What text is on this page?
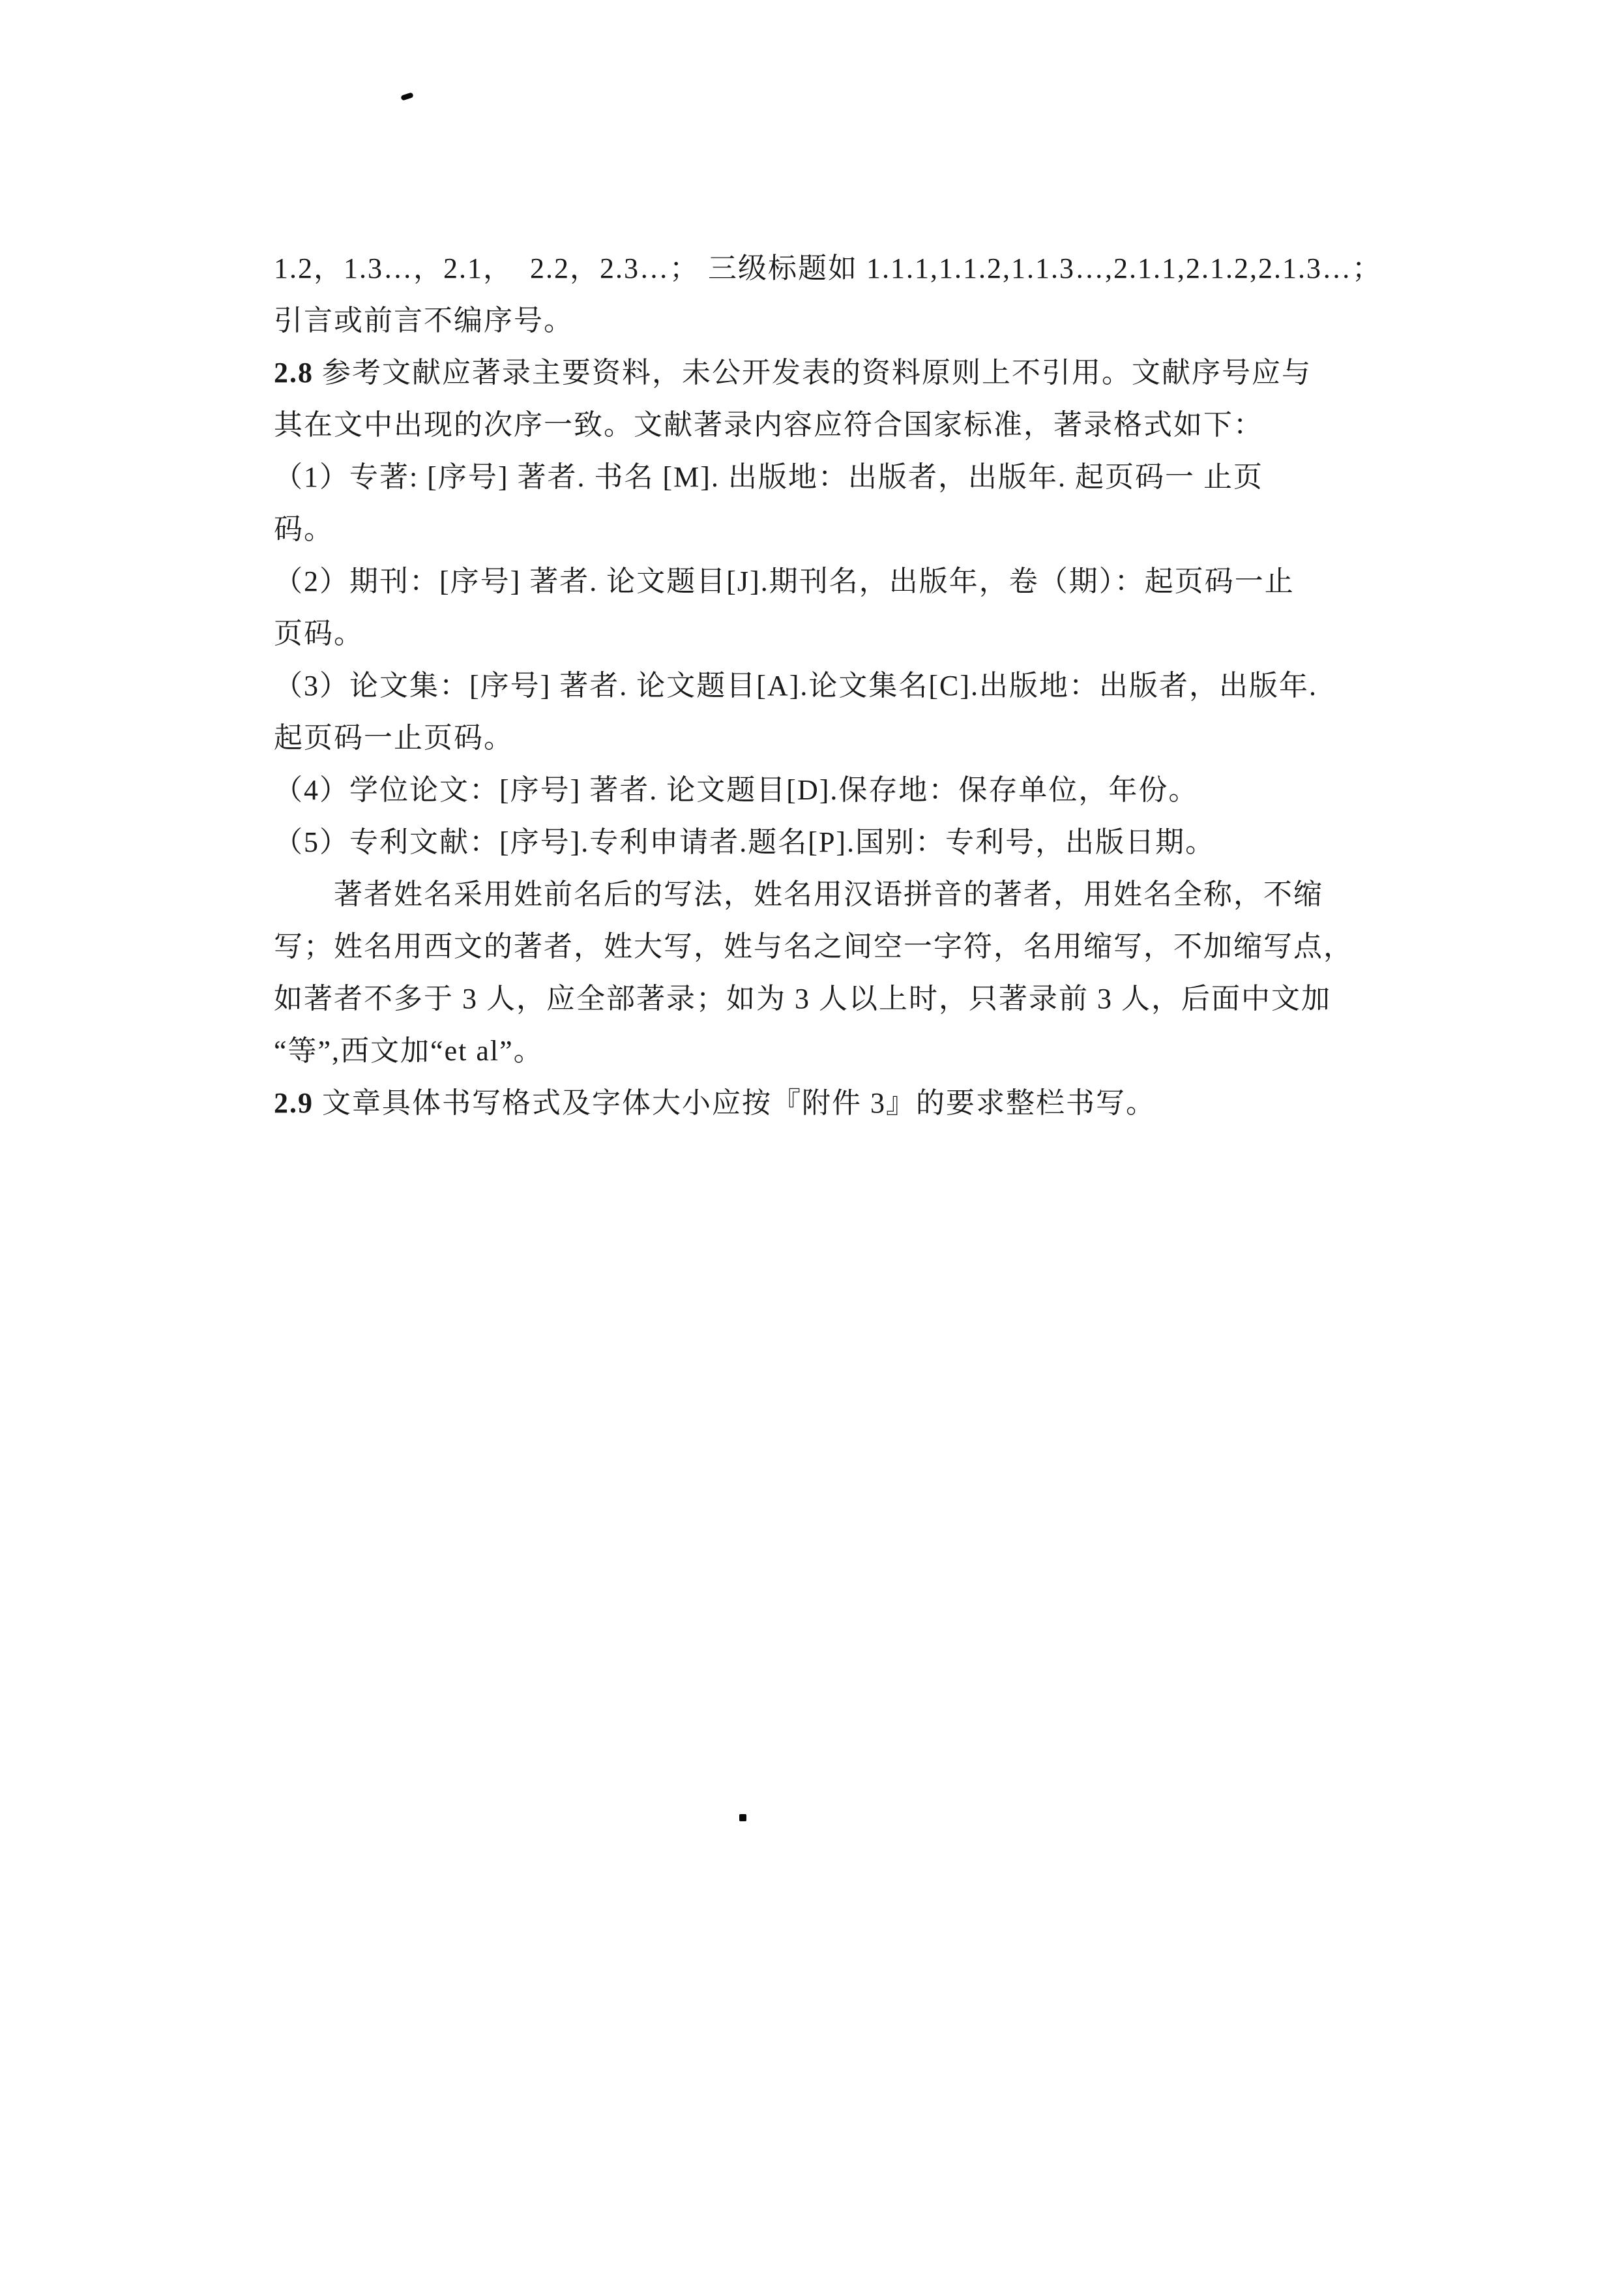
1.2，1.3…，2.1，  2.2，2.3…； 三级标题如 1.1.1,1.1.2,1.1.3…,2.1.1,2.1.2,2.1.3…；
引言或前言不编序号。
2.8 参考文献应著录主要资料，未公开发表的资料原则上不引用。文献序号应与
其在文中出现的次序一致。文献著录内容应符合国家标准，著录格式如下：
（1）专著: [序号] 著者. 书名 [M]. 出版地：出版者，出版年. 起页码一 止页
码。
（2）期刊：[序号] 著者. 论文题目[J].期刊名，出版年，卷（期）：起页码一止
页码。
（3）论文集：[序号] 著者. 论文题目[A].论文集名[C].出版地：出版者，出版年.
起页码一止页码。
（4）学位论文：[序号] 著者. 论文题目[D].保存地：保存单位，年份。
（5）专利文献：[序号].专利申请者.题名[P].国别：专利号，出版日期。
著者姓名采用姓前名后的写法，姓名用汉语拼音的著者，用姓名全称，不缩
写；姓名用西文的著者，姓大写，姓与名之间空一字符，名用缩写，不加缩写点，
如著者不多于 3 人，应全部著录；如为 3 人以上时，只著录前 3 人，后面中文加
“等”,西文加“et al”。
2.9 文章具体书写格式及字体大小应按『附件 3』的要求整栏书写。
